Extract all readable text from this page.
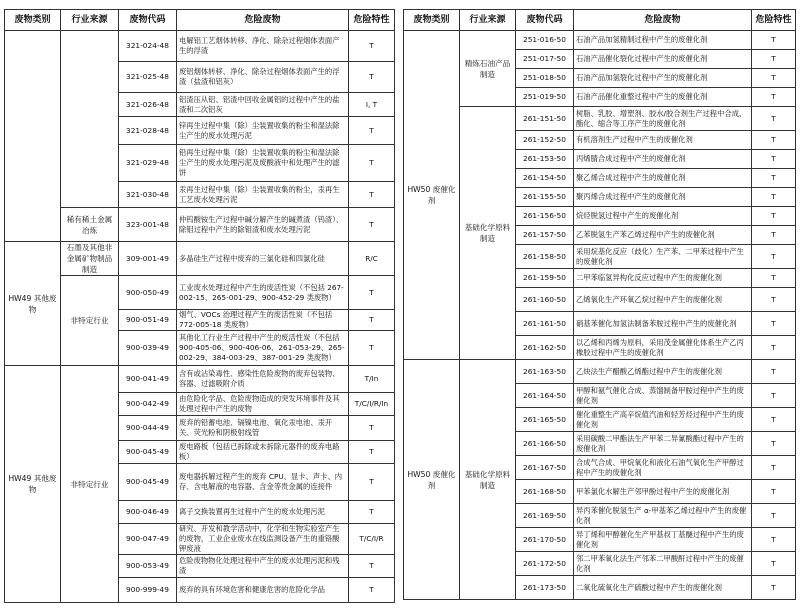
废物类别	行业来源	废物代码	危险废物	危险特性
		321-024-48	电解铝工艺烟体转移、净化、除杂过程烟体表面产生的浮渣	T
		321-025-48	废铝烟体转移、净化、除杂过程烟体表面产生的浮渣（盐渣和铝灰）	T
		321-026-48	铝渣压从铝、铝渣中回收金属铝的过程中产生的盐渣和二次铝灰	I, T
		321-028-48	锌再生过程中集（除）尘装置收集的粉尘和湿法除尘产生的废水处理污泥	T
		321-029-48	铅再生过程中集（除）尘装置收集的粉尘和湿法除尘产生的废水处理污泥及废酸液中和处理产生的滤饼	T
		321-030-48	汞再生过程中集（除）尘装置收集的粉尘，汞再生工艺废水处理污泥	T
	稀有稀土金属冶炼	323-001-48	仲钨酸铵生产过程中碱分解产生的碱煮渣（钨渣）、除钼过程中产生的除钼渣和废水处理污泥	T
HW49 其他废物	石墨及其他非金属矿物制品制造	309-001-49	多晶硅生产过程中废弃的三氯化硅和四氯化硅	R/C
	非特定行业	900-050-49	工业废水处理过程中产生的废活性炭（不包括 267-002-15、265-001-29、900-452-29 类废物）	T
		900-051-49	烟气、VOCs 治理过程产生的废活性炭（不包括 772-005-18 类废物）	T
		900-039-49	其他化工行业生产过程中产生的废活性炭（不包括 900-405-06、900-406-06、261-053-29、265-002-29、384-003-29、387-001-29 类废物）	T
HW49 其他废物	非特定行业	900-041-49	含有或沾染毒性、感染性危险废物的废弃包装物、容器、过滤吸附介质	T/In
		900-042-49	由危险化学品、危险废物造成的突发环境事件及其处理过程中产生的废物	T/C/I/R/In
		900-044-49	废弃的铅蓄电池、镉镍电池、氧化汞电池、汞开关、荧光粉和阴极射线管	T
		900-045-49	废电路板（包括已拆除或未拆除元器件的废弃电路板）	T
		900-045-49	废电器拆解过程产生的废弃 CPU、显卡、声卡、内存、含电解液的电容器、含金等贵金属的连接件	T
		900-046-49	离子交换装置再生过程中产生的废水处理污泥	T
		900-047-49	研究、开发和教学活动中，化学和生物实验室产生的废物，工业企业废水在线监测设备产生的重铬酸钾废液	T/C/I/R
		900-053-49	危险废物物化处理过程中产生的废水处理污泥和残渣	T
		900-999-49	废弃的具有环境危害和健康危害的危险化学品	T
废物类别	行业来源	废物代码	危险废物	危险特性
HW50 废催化剂	精炼石油产品制造	251-016-50	石油产品加氢精制过程中产生的废催化剂	T
		251-017-50	石油产品催化裂化过程中产生的废催化剂	T
		251-018-50	石油产品加氢裂化过程中产生的废催化剂	T
		251-019-50	石油产品催化重整过程中产生的废催化剂	T
	基础化学原料制造	261-151-50	树脂、乳胶、增塑剂、胶水/胶合剂生产过程中合成、酯化、缩合等工序产生的废催化剂	T
		261-152-50	有机溶剂生产过程中产生的废催化剂	T
		261-153-50	丙烯腈合成过程中产生的废催化剂	T
		261-154-50	聚乙烯合成过程中产生的废催化剂	T
		261-155-50	聚丙烯合成过程中产生的废催化剂	T
		261-156-50	烷烃脱氢过程中产生的废催化剂	T
		261-157-50	乙苯脱氢生产苯乙烯过程中产生的废催化剂	T
		261-158-50	采用烷基化反应（歧化）生产苯、二甲苯过程中产生的废催化剂	T
		261-159-50	二甲苯临氢异构化反应过程中产生的废催化剂	T
		261-160-50	乙烯氧化生产环氧乙烷过程中产生的废催化剂	T
		261-161-50	硝基苯催化加氢法制备苯胺过程中产生的废催化剂	T
		261-162-50	以乙烯和丙烯为原料，采用茂金属催化体系生产乙丙橡胶过程中产生的废催化剂	T
HW50 废催化剂	基础化学原料制造	261-163-50	乙炔法生产醋酸乙烯酯过程中产生的废催化剂	T
		261-164-50	甲醇和氨气催化合成、蒸馏制备甲胺过程中产生的废催化剂	T
		261-165-50	催化重整生产高辛烷值汽油和轻芳烃过程中产生的废催化剂	T
		261-166-50	采用碳酸二甲酯法生产甲苯二异氰酸酯过程中产生的废催化剂	T
		261-167-50	合成气合成、甲烷氧化和液化石油气氧化生产甲醇过程中产生的废催化剂	T
		261-168-50	甲苯氯化水解生产邻甲酚过程中产生的废催化剂	T
		261-169-50	异丙苯催化脱氢生产 α-甲基苯乙烯过程中产生的废催化剂	T
		261-170-50	异丁烯和甲醇催化生产甲基叔丁基醚过程中产生的废催化剂	T
		261-172-50	邻二甲苯氧化法生产邻苯二甲酸酐过程中产生的废催化剂	T
		261-173-50	二氧化硫氧化生产硫酸过程中产生的废催化剂	T
